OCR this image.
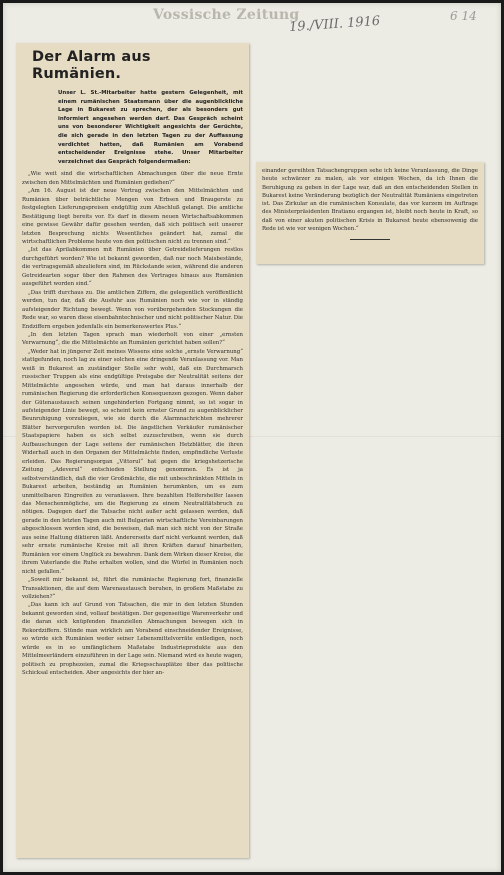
Vossische Zeitung
19./VIII. 1916	6 14
Der Alarm aus Rumänien.
Unser L. St.-Mitarbeiter hatte gestern Gelegenheit, mit einem rumänischen Staatsmann über die augenblickliche Lage in Bukarest zu sprechen, der als besonders gut informiert angesehen werden darf. Das Gespräch scheint uns von besonderer Wichtigkeit angesichts der Gerüchte, die sich gerade in den letzten Tagen zu der Auffassung verdichtet hatten, daß Rumänien am Vorabend entscheidender Ereignisse stehe. Unser Mitarbeiter verzeichnet das Gespräch folgendermaßen:

„Wie weit sind die wirtschaftlichen Abmachungen über die neue Ernte zwischen den Mittelmächten und Rumänien gediehen?“

„Am 16. August ist der neue Vertrag zwischen den Mittelmächten und Rumänien über beträchtliche Mengen von Erbsen und Braugerste zu festgelegten Lieferungspreisen endgültig zum Abschluß gelangt. Die amtliche Bestätigung liegt bereits vor. Es darf in diesem neuen Wirtschaftsabkommen eine gewisse Gewähr dafür gesehen werden, daß sich politisch seit unserer letzten Besprechung nichts Wesentliches geändert hat, zumal die wirtschaftlichen Probleme heute von den politischen nicht zu trennen sind.“

„Ist das Aprilabkommen mit Rumänien über Getreidelieferungen restlos durchgeführt worden? Wie ist bekannt geworden, daß nur noch Maisbestände, die vertragsgemäß abzuliefern sind, im Rückstande seien, während die anderen Getreidearten sogar über den Rahmen des Vertrages hinaus aus Rumänien ausgeführt worden sind.“

„Das trifft durchaus zu. Die amtlichen Ziffern, die gelegentlich veröffentlicht werden, tun dar, daß die Ausfuhr aus Rumänien noch wie vor in ständig aufsteigender Richtung bewegt. Wenn von vorübergehenden Stockungen die Rede war, so waren diese eisenbahntechnischer und nicht politischer Natur. Die Endziffern ergeben jedenfalls ein bemerkenswertes Plus.“

„In den letzten Tagen sprach man wiederholt von einer „ernsten Verwarnung“, die die Mittelmächte an Rumänien gerichtet haben sollen?“

„Weder hat in jüngerer Zeit meines Wissens eine solche „ernste Verwarnung“ stattgefunden, noch lag zu einer solchen eine dringende Veranlassung vor. Man weiß in Bukarest an zuständiger Stelle sehr wohl, daß ein Durchmarsch russischer Truppen als eine endgültige Preisgabe der Neutralität seitens der Mittelmächte angesehen würde, und man hat daraus innerhalb der rumänischen Regierung die erforderlichen Konsequenzen gezogen. Wenn daher der Gütenaustausch seinen ungehinderten Fortgang nimmt, so ist sogar in aufsteigender Linie bewegt, so scheint kein ernster Grund zu augenblicklicher Beunruhigung vorzuliegen, wie sie durch die Alarmnachrichten mehrerer Blätter hervorgerufen worden ist. Die ängstlichen Verkäufer rumänischer Staatspapiere haben es sich selbst zuzuschreiben, wenn sie durch Aufbauschungen der Lage seitens der rumänischen Hetzblätter, die ihren Widerhall auch in den Organen der Mittelmächte finden, empfindliche Verluste erleiden. Das Regierungsorgan „Vittorul“ hat gegen die kriegshetzerische Zeitung „Adeverul“ entschieden Stellung genommen. Es ist ja selbstverständlich, daß die vier Großmächte, die mit unbeschränkten Mitteln in Bukarest arbeiten, beständig an Rumänien herumknten, um es zum unmittelbaren Eingreifen zu veranlassen. Ihre bezahlten Helfershelfer lassen das Menschenmögliche, um die Regierung zu einem Neutralitätsbruch zu nötigen. Dagegen darf die Tatsache nicht außer acht gelassen werden, daß gerade in den letzten Tagen auch mit Bulgarien wirtschaftliche Vereinbarungen abgeschlossen worden sind, die beweisen, daß man sich nicht von der Straße aus seine Haltung diktieren läßt. Andererseits darf nicht verkannt werden, daß sehr ernste rumänische Kreise mit all ihren Kräften darauf hinarbeiten, Rumänien vor einem Unglück zu bewahren. Dank dem Wirken dieser Kreise, die ihrem Vaterlande die Ruhe erhalten wollen, sind die Würfel in Rumänien noch nicht gefallen.“

„Soweit mir bekannt ist, führt die rumänische Regierung fort, finanzielle Transaktionen, die auf dem Warenaustausch beruhen, in großem Maßstabe zu vollziehen?“

„Das kann ich auf Grund von Tatsachen, die mir in den letzten Stunden bekannt geworden sind, vollauf bestätigen. Der gegenseitige Warenverkehr und die daran sich knüpfenden finanziellen Abmachungen bewegen sich in Rekordziffern. Stünde man wirklich am Vorabend einschneidender Ereignisse, so würde sich Rumänien weder seiner Lebensmittelvorräte entledigen, noch würde es in so umfänglichem Maßstabe Industrieprodukte aus den Mittelmeerländern einzuführen in der Lage sein. Niemand wird es heute wagen, politisch zu prophezeien, zumal die Kriegsschauplätze über das politische Schicksal entscheiden. Aber angesichts der hier an-

einander gereihten Tatsachengruppen sehe ich keine Veranlassung, die Dinge heute schwärzer zu malen, als vor einigen Wochen, da ich Ihnen die Beruhigung zu geben in der Lage war, daß an den entscheidenden Stellen in Bukarest keine Veränderung bezüglich der Neutralität Rumäniens eingetreten ist. Das Zirkular an die rumänischen Konsulate, das vor kurzem im Auftrage des Ministerpräsidenten Bratianu ergangen ist, bleibt noch heute in Kraft, so daß von einer akuten politischen Krisis in Bukarest heute ebensowenig die Rede ist wie vor wenigen Wochen.“
